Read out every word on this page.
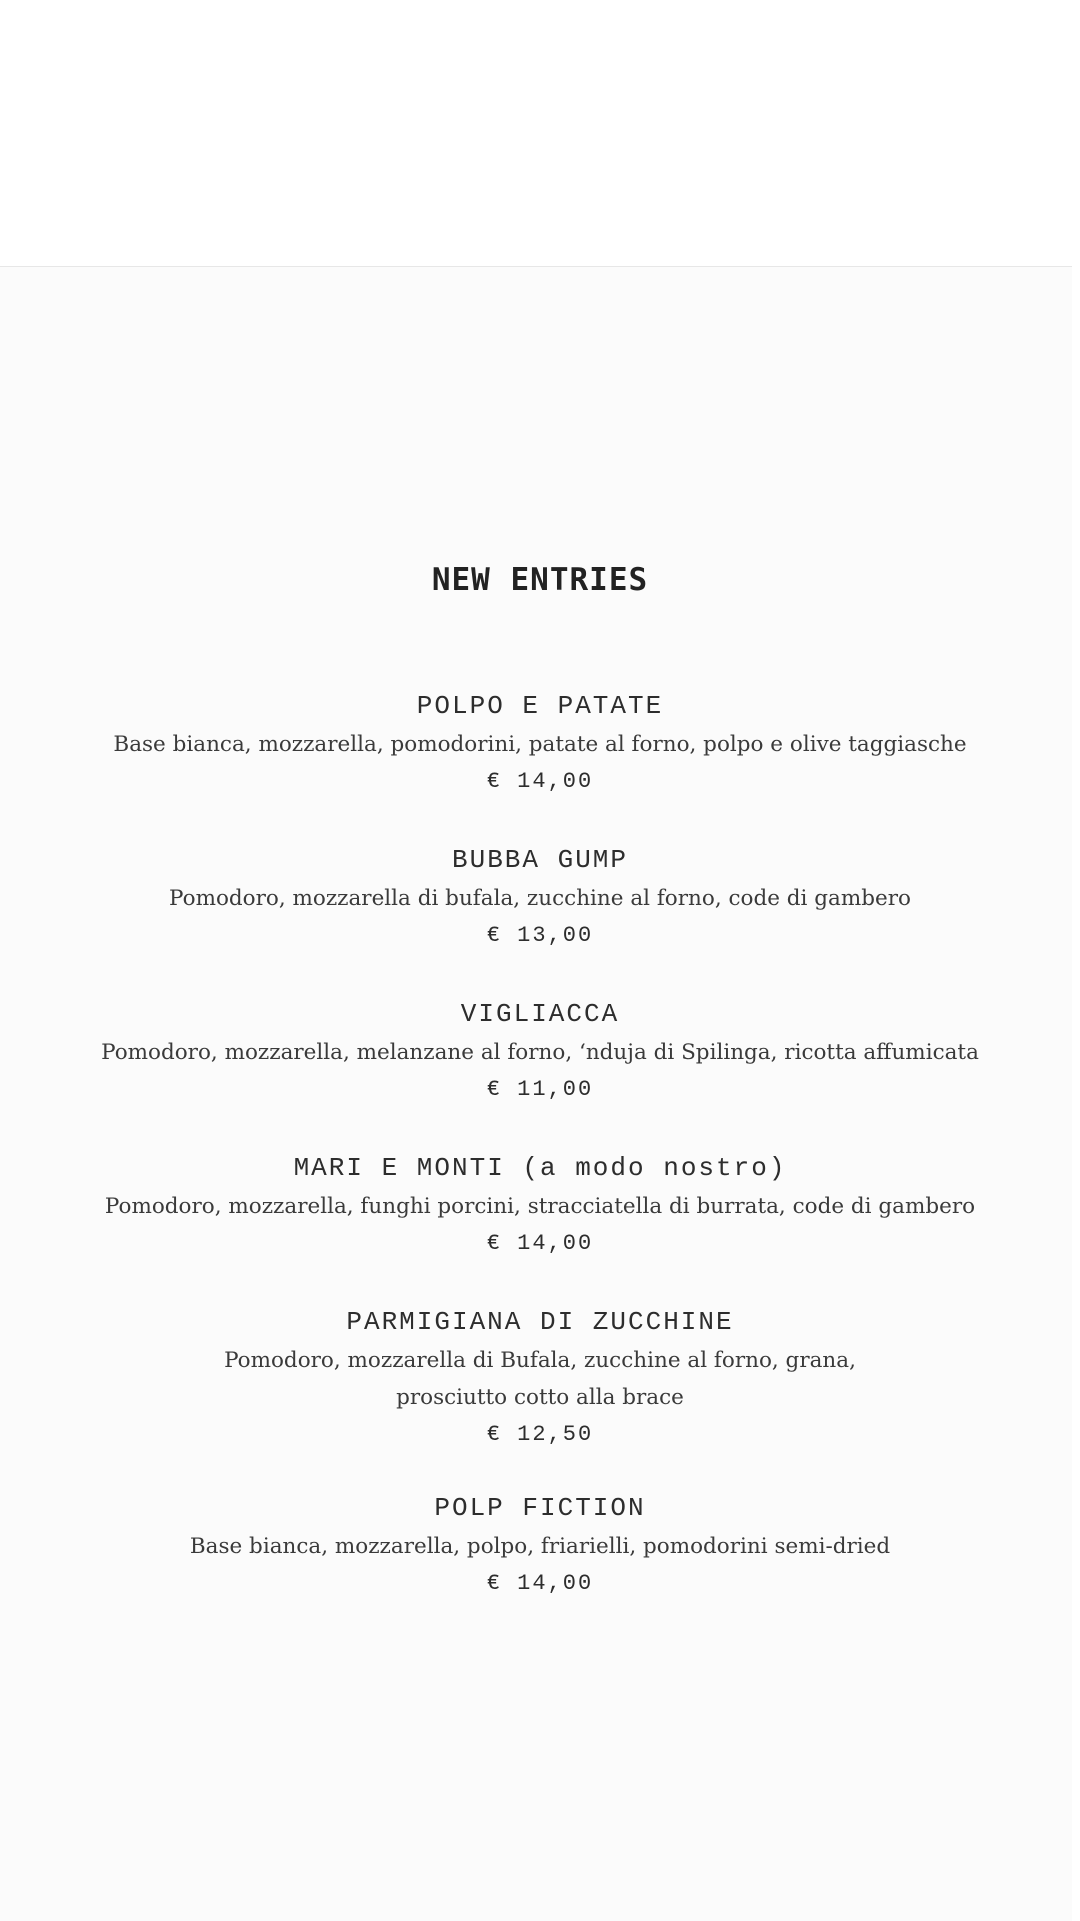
NEW ENTRIES
POLPO E PATATE
Base bianca, mozzarella, pomodorini, patate al forno, polpo e olive taggiasche
€ 14,00
BUBBA GUMP
Pomodoro, mozzarella di bufala, zucchine al forno, code di gambero
€ 13,00
VIGLIACCA
Pomodoro, mozzarella, melanzane al forno, ‘nduja di Spilinga, ricotta affumicata
€ 11,00
MARI E MONTI (a modo nostro)
Pomodoro, mozzarella, funghi porcini, stracciatella di burrata, code di gambero
€ 14,00
PARMIGIANA DI ZUCCHINE
Pomodoro, mozzarella di Bufala, zucchine al forno, grana,
prosciutto cotto alla brace
€ 12,50
POLP FICTION
Base bianca, mozzarella, polpo, friarielli, pomodorini semi-dried
€ 14,00
